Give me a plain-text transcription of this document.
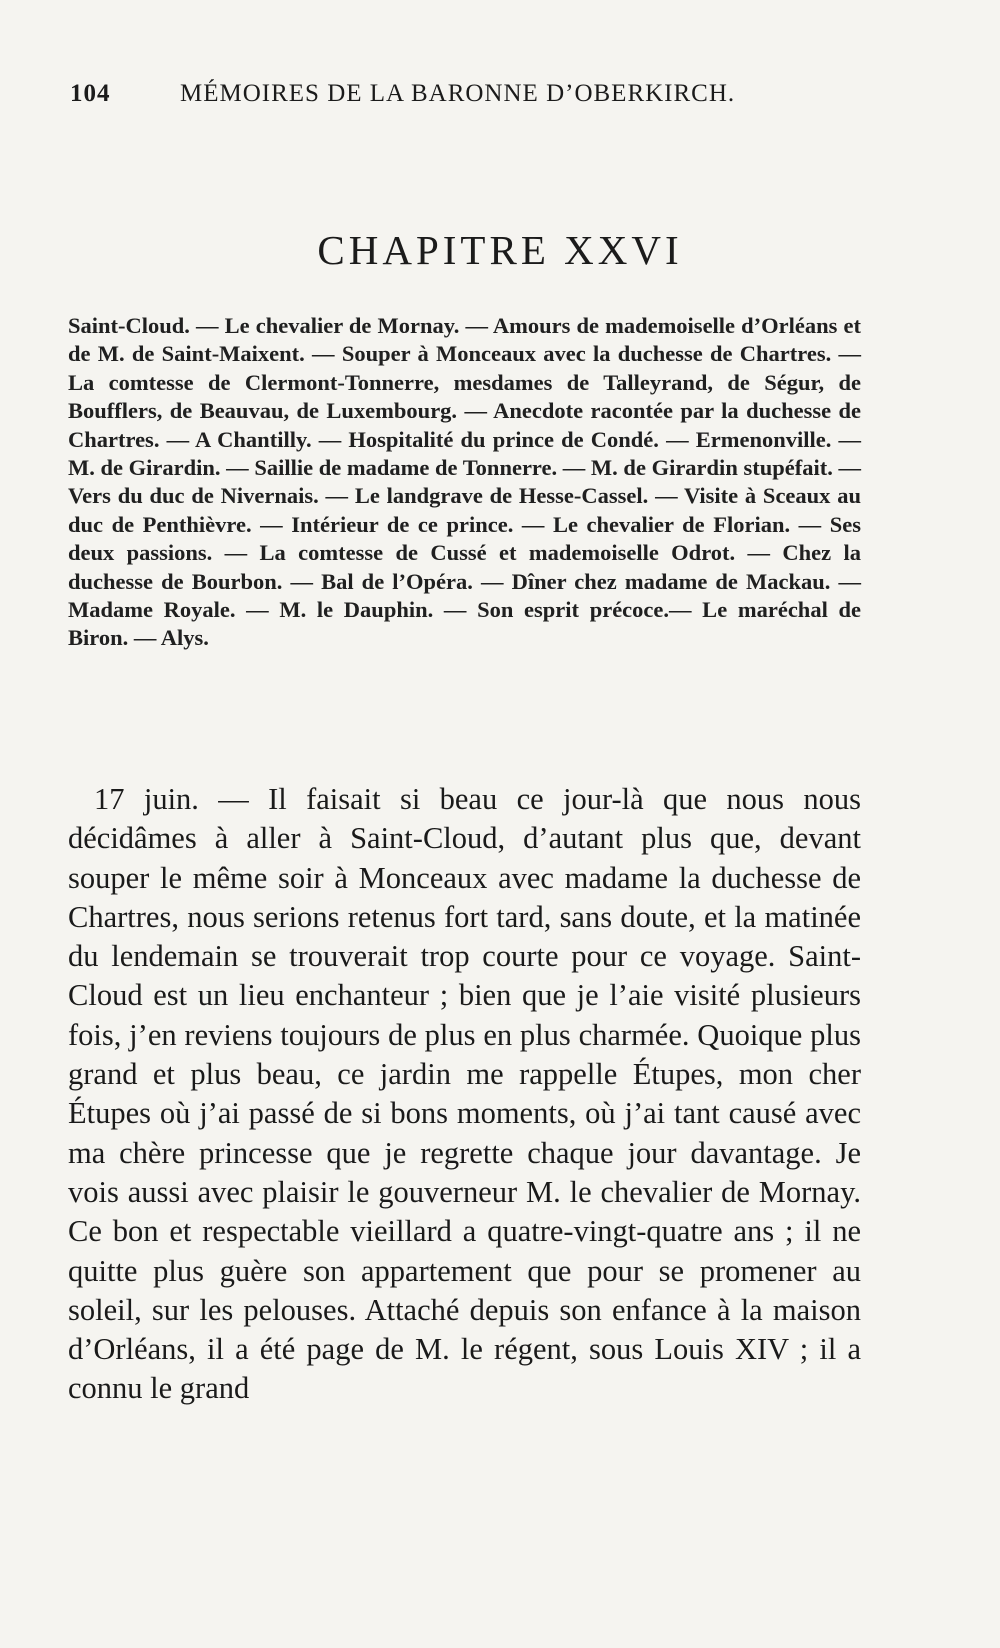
104	MÉMOIRES DE LA BARONNE D’OBERKIRCH.
CHAPITRE XXVI

Saint-Cloud. — Le chevalier de Mornay. — Amours de mademoiselle d’Orléans et de M. de Saint-Maixent. — Souper à Monceaux avec la duchesse de Chartres. — La comtesse de Clermont-Tonnerre, mesdames de Talleyrand, de Ségur, de Boufflers, de Beauvau, de Luxembourg. — Anecdote racontée par la duchesse de Chartres. — A Chantilly. — Hospitalité du prince de Condé. — Ermenonville. — M. de Girardin. — Saillie de madame de Tonnerre. — M. de Girardin stupéfait. — Vers du duc de Nivernais. — Le landgrave de Hesse-Cassel. — Visite à Sceaux au duc de Penthièvre. — Intérieur de ce prince. — Le chevalier de Florian. — Ses deux passions. — La comtesse de Cussé et mademoiselle Odrot. — Chez la duchesse de Bourbon. — Bal de l’Opéra. — Dîner chez madame de Mackau. — Madame Royale. — M. le Dauphin. — Son esprit précoce.— Le maréchal de Biron. — Alys.

17 juin. — Il faisait si beau ce jour-là que nous nous décidâmes à aller à Saint-Cloud, d’autant plus que, devant souper le même soir à Monceaux avec madame la duchesse de Chartres, nous serions retenus fort tard, sans doute, et la matinée du lendemain se trouverait trop courte pour ce voyage. Saint-Cloud est un lieu enchanteur ; bien que je l’aie visité plusieurs fois, j’en reviens toujours de plus en plus charmée. Quoique plus grand et plus beau, ce jardin me rappelle Étupes, mon cher Étupes où j’ai passé de si bons moments, où j’ai tant causé avec ma chère princesse que je regrette chaque jour davantage. Je vois aussi avec plaisir le gouverneur M. le chevalier de Mornay. Ce bon et respectable vieillard a quatre-vingt-quatre ans ; il ne quitte plus guère son appartement que pour se promener au soleil, sur les pelouses. Attaché depuis son enfance à la maison d’Orléans, il a été page de M. le régent, sous Louis XIV ; il a connu le grand
